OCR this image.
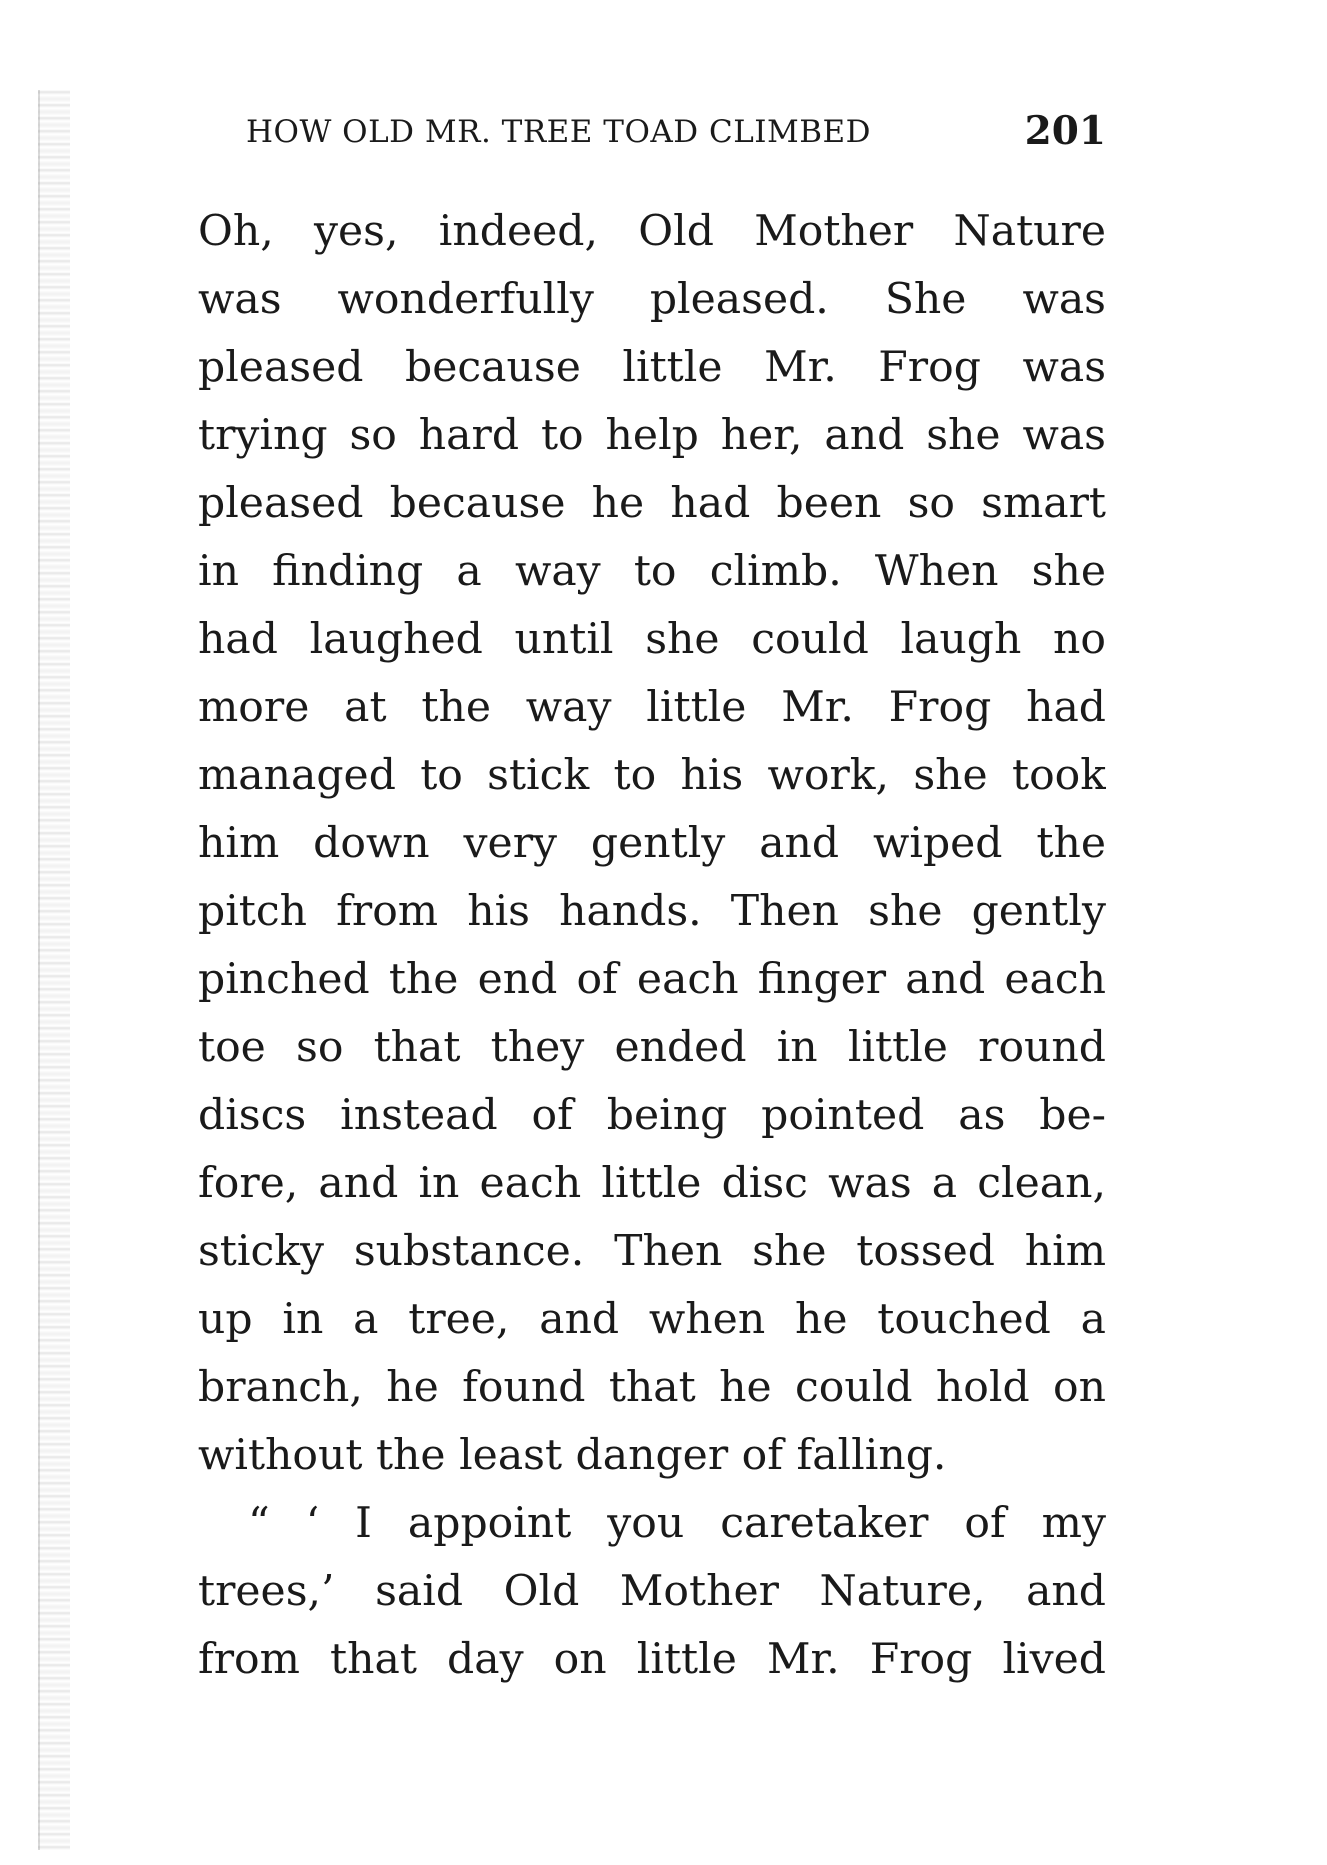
HOW OLD MR. TREE TOAD CLIMBED	201
Oh, yes, indeed, Old Mother Nature
was wonderfully pleased. She was
pleased because little Mr. Frog was
trying so hard to help her, and she was
pleased because he had been so smart
in finding a way to climb. When she
had laughed until she could laugh no
more at the way little Mr. Frog had
managed to stick to his work, she took
him down very gently and wiped the
pitch from his hands. Then she gently
pinched the end of each finger and each
toe so that they ended in little round
discs instead of being pointed as be-
fore, and in each little disc was a clean,
sticky substance. Then she tossed him
up in a tree, and when he touched a
branch, he found that he could hold on
without the least danger of falling.
“ ‘ I appoint you caretaker of my
trees,’ said Old Mother Nature, and
from that day on little Mr. Frog lived
